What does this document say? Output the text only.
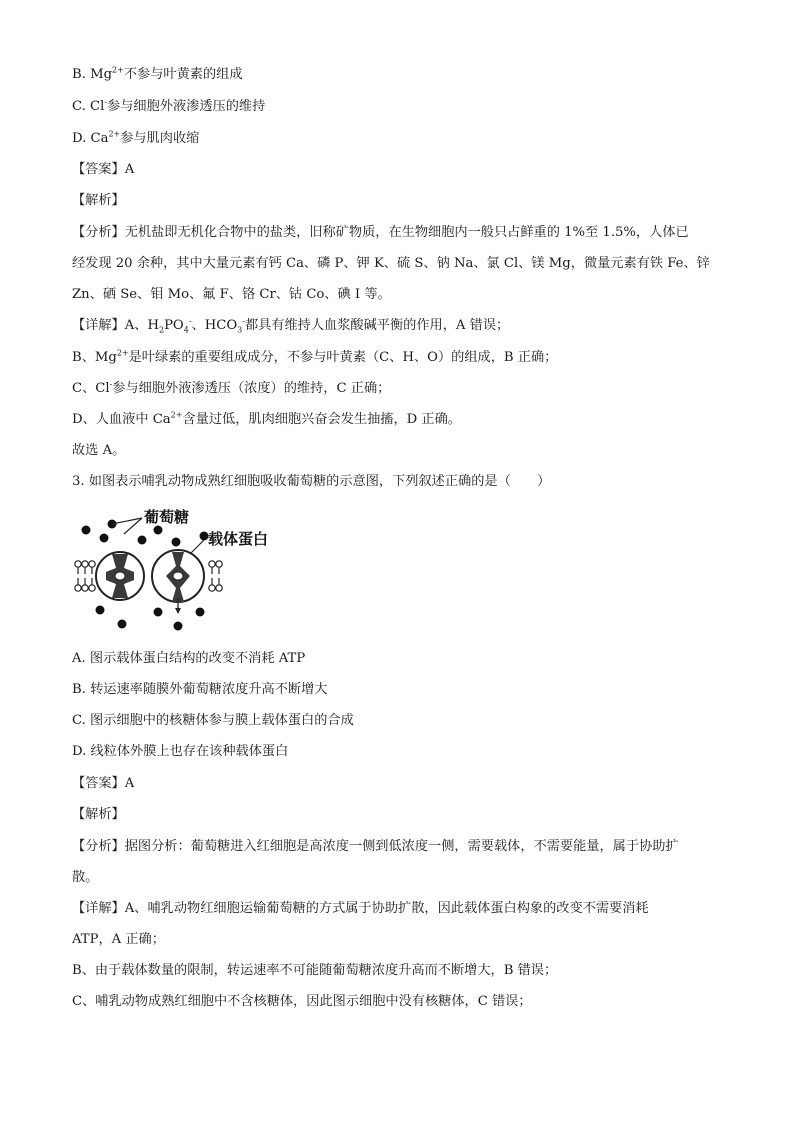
B. $Mg^{2+}$不参与叶黄素的组成
C. Cl-参与细胞外液渗透压的维持
D. $Ca^{2+}$参与肌肉收缩
【答案】A
【解析】
【分析】无机盐即无机化合物中的盐类，旧称矿物质，在生物细胞内一般只占鲜重的 1%至 1.5%，人体已
经发现 20 余种，其中大量元素有钙 Ca、磷 P、钾 K、硫 S、钠 Na、氯 Cl、镁 Mg，微量元素有铁 Fe、锌
Zn、硒 Se、钼 Mo、氟 F、铬 Cr、钴 Co、碘 I 等。
【详解】A、$H_2PO_4^-$、$HCO_3^-$都具有维持人血浆酸碱平衡的作用，A 错误；
B、$Mg^{2+}$是叶绿素的重要组成成分，不参与叶黄素（C、H、O）的组成，B 正确；
C、Cl-参与细胞外液渗透压（浓度）的维持，C 正确；
D、人血液中 $Ca^{2+}$含量过低，肌肉细胞兴奋会发生抽搐，D 正确。
故选 A。
3. 如图表示哺乳动物成熟红细胞吸收葡萄糖的示意图，下列叙述正确的是（　　）
葡萄糖
载体蛋白
A. 图示载体蛋白结构的改变不消耗 ATP
B. 转运速率随膜外葡萄糖浓度升高不断增大
C. 图示细胞中的核糖体参与膜上载体蛋白的合成
D. 线粒体外膜上也存在该种载体蛋白
【答案】A
【解析】
【分析】据图分析：葡萄糖进入红细胞是高浓度一侧到低浓度一侧，需要载体，不需要能量，属于协助扩
散。
【详解】A、哺乳动物红细胞运输葡萄糖的方式属于协助扩散，因此载体蛋白构象的改变不需要消耗
ATP，A 正确；
B、由于载体数量的限制，转运速率不可能随葡萄糖浓度升高而不断增大，B 错误；
C、哺乳动物成熟红细胞中不含核糖体，因此图示细胞中没有核糖体，C 错误；
